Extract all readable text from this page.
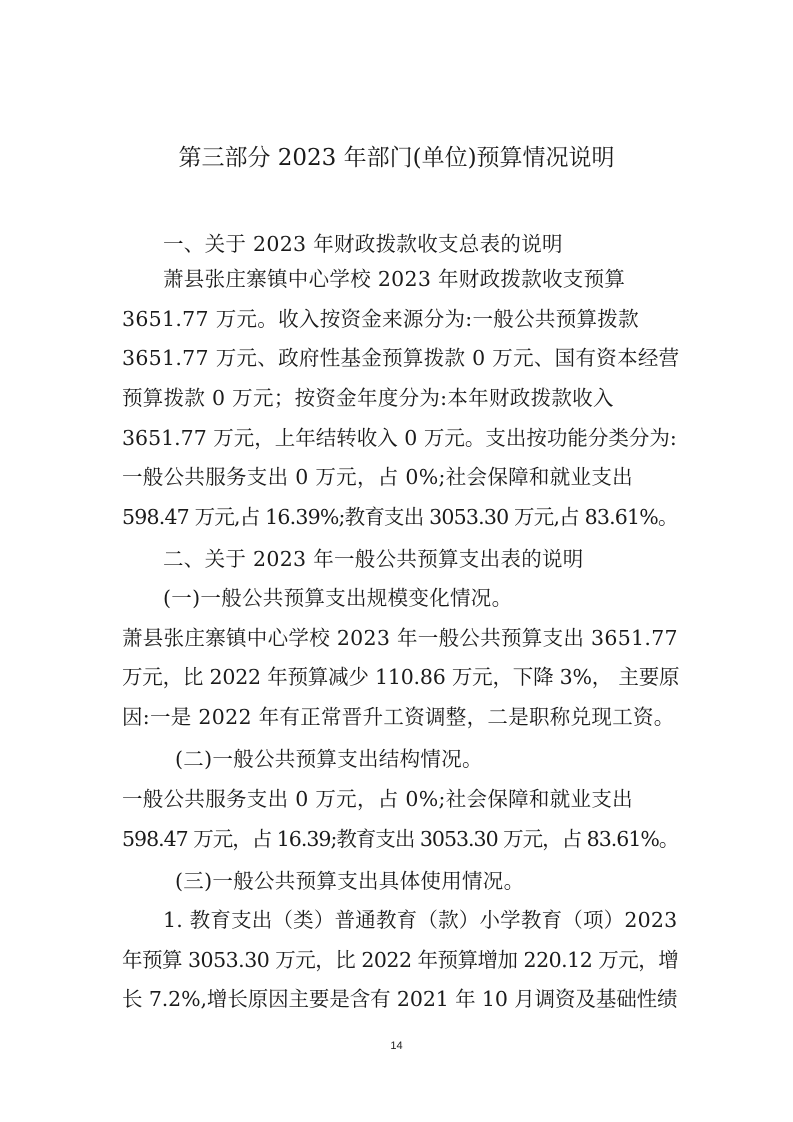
第三部分 2023 年部门(单位)预算情况说明
一、关于 2023 年财政拨款收支总表的说明
萧县张庄寨镇中心学校 2023 年财政拨款收支预算
3651.77 万元。收入按资金来源分为:一般公共预算拨款
3651.77 万元、政府性基金预算拨款 0 万元、国有资本经营
预算拨款 0 万元；按资金年度分为:本年财政拨款收入
3651.77 万元，上年结转收入 0 万元。支出按功能分类分为:
一般公共服务支出 0 万元，占 0%;社会保障和就业支出
598.47 万元,占 16.39%;教育支出 3053.30 万元,占 83.61%。
二、关于 2023 年一般公共预算支出表的说明
(一)一般公共预算支出规模变化情况。
萧县张庄寨镇中心学校 2023 年一般公共预算支出 3651.77
万元，比 2022 年预算减少 110.86 万元，下降 3%， 主要原
因:一是 2022 年有正常晋升工资调整，二是职称兑现工资。
(二)一般公共预算支出结构情况。
一般公共服务支出 0 万元，占 0%;社会保障和就业支出
598.47 万元，占 16.39;教育支出 3053.30 万元，占 83.61%。
(三)一般公共预算支出具体使用情况。
1. 教育支出（类）普通教育（款）小学教育（项）2023
年预算 3053.30 万元，比 2022 年预算增加 220.12 万元，增
长 7.2%,增长原因主要是含有 2021 年 10 月调资及基础性绩
14
